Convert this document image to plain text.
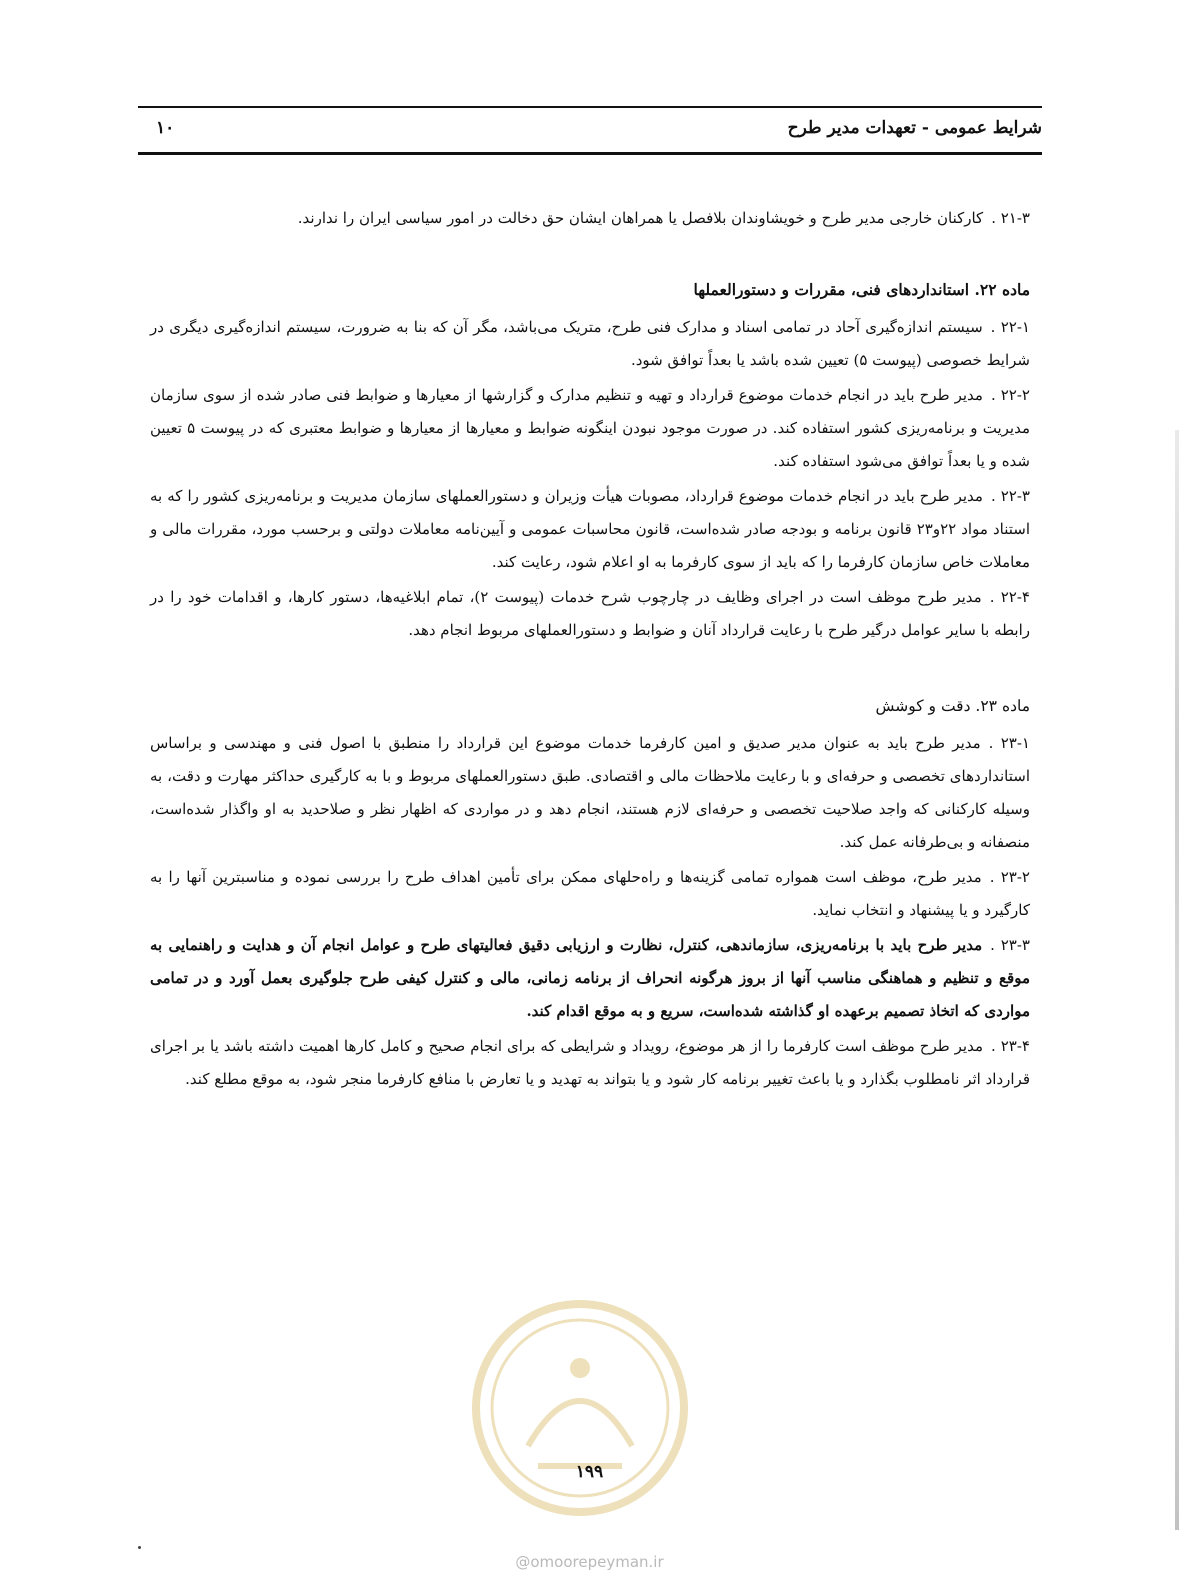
شرایط عمومی - تعهدات مدیر طرح
۱۰

۲۱-۳ .کارکنان خارجی مدیر طرح و خویشاوندان بلافصل یا همراهان ایشان حق دخالت در امور سیاسی ایران را ندارند.

ماده ۲۲. استانداردهای فنی، مقررات و دستورالعملها

۲۲-۱ .سیستم اندازه‌گیری آحاد در تمامی اسناد و مدارک فنی طرح، متریک می‌باشد، مگر آن که بنا به ضرورت، سیستم اندازه‌گیری دیگری در شرایط خصوصی (پیوست ۵) تعیین شده باشد یا بعداً توافق شود.

۲۲-۲ .مدیر طرح باید در انجام خدمات موضوع قرارداد و تهیه و تنظیم مدارک و گزارشها از معیارها و ضوابط فنی صادر شده از سوی سازمان مدیریت و برنامه‌ریزی کشور استفاده کند. در صورت موجود نبودن اینگونه ضوابط و معیارها از معیارها و ضوابط معتبری که در پیوست ۵ تعیین شده و یا بعداً توافق می‌شود استفاده کند.

۲۲-۳ .مدیر طرح باید در انجام خدمات موضوع قرارداد، مصوبات هیأت وزیران و دستورالعملهای سازمان مدیریت و برنامه‌ریزی کشور را که به استناد مواد ۲۲و۲۳ قانون برنامه و بودجه صادر شده‌است، قانون محاسبات عمومی و آیین‌نامه معاملات دولتی و برحسب مورد، مقررات مالی و معاملات خاص سازمان کارفرما را که باید از سوی کارفرما به او اعلام شود، رعایت کند.

۲۲-۴ .مدیر طرح موظف است در اجرای وظایف در چارچوب شرح خدمات (پیوست ۲)، تمام ابلاغیه‌ها، دستور کارها، و اقدامات خود را در رابطه با سایر عوامل درگیر طرح با رعایت قرارداد آنان و ضوابط و دستورالعملهای مربوط انجام دهد.

ماده ۲۳. دقت و کوشش

۲۳-۱ .مدیر طرح باید به عنوان مدیر صدیق و امین کارفرما خدمات موضوع این قرارداد را منطبق با اصول فنی و مهندسی و براساس استانداردهای تخصصی و حرفه‌ای و با رعایت ملاحظات مالی و اقتصادی. طبق دستورالعملهای مربوط و با به کارگیری حداکثر مهارت و دقت، به وسیله کارکنانی که واجد صلاحیت تخصصی و حرفه‌ای لازم هستند، انجام دهد و در مواردی که اظهار نظر و صلاحدید به او واگذار شده‌است، منصفانه و بی‌طرفانه عمل کند.

۲۳-۲ .مدیر طرح، موظف است همواره تمامی گزینه‌ها و راه‌حلهای ممکن برای تأمین اهداف طرح را بررسی نموده و مناسبترین آنها را به کارگیرد و یا پیشنهاد و انتخاب نماید.

۲۳-۳ .مدیر طرح باید با برنامه‌ریزی، سازماندهی، کنترل، نظارت و ارزیابی دقیق فعالیتهای طرح و عوامل انجام آن و هدایت و راهنمایی به موقع و تنظیم و هماهنگی مناسب آنها از بروز هرگونه انحراف از برنامه زمانی، مالی و کنترل کیفی طرح جلوگیری بعمل آورد و در تمامی مواردی که اتخاذ تصمیم برعهده او گذاشته شده‌است، سریع و به موقع اقدام کند.

۲۳-۴ .مدیر طرح موظف است کارفرما را از هر موضوع، رویداد و شرایطی که برای انجام صحیح و کامل کارها اهمیت داشته باشد یا بر اجرای قرارداد اثر نامطلوب بگذارد و یا باعث تغییر برنامه کار شود و یا بتواند به تهدید و یا تعارض با منافع کارفرما منجر شود، به موقع مطلع کند.

۱۹۹
@omoorepeyman.ir
